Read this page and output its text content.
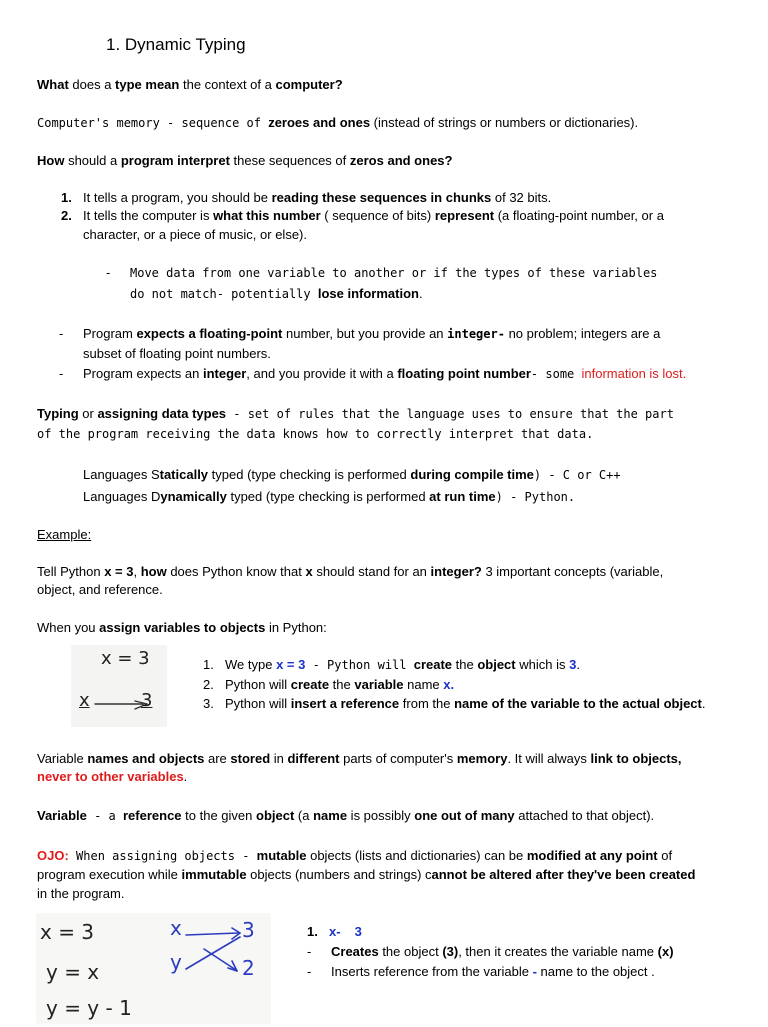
1. Dynamic Typing
What does a type mean the context of a computer?
Computer's memory - sequence of zeroes and ones (instead of strings or numbers or dictionaries).
How should a program interpret these sequences of zeros and ones?
1. It tells a program, you should be reading these sequences in chunks of 32 bits.
2. It tells the computer is what this number ( sequence of bits) represent (a floating-point number, or a
character, or a piece of music, or else).
- Move data from one variable to another or if the types of these variables
do not match- potentially lose information.
- Program expects a floating-point number, but you provide an integer- no problem; integers are a
subset of floating point numbers.
- Program expects an integer, and you provide it with a floating point number- some information is lost.
Typing or assigning data types - set of rules that the language uses to ensure that the part
of the program receiving the data knows how to correctly interpret that data.
Languages Statically typed (type checking is performed during compile time) - C or C++
Languages Dynamically typed (type checking is performed at run time) - Python.
Example:
Tell Python x = 3, how does Python know that x should stand for an integer? 3 important concepts (variable,
object, and reference.
When you assign variables to objects in Python:
x = 3
x	3
1. We type x = 3 - Python will create the object which is 3.
2. Python will create the variable name x.
3. Python will insert a reference from the name of the variable to the actual object.
Variable names and objects are stored in different parts of computer's memory. It will always link to objects,
never to other variables.
Variable - a reference to the given object (a name is possibly one out of many attached to that object).
OJO: When assigning objects - mutable objects (lists and dictionaries) can be modified at any point of
program execution while immutable objects (numbers and strings) cannot be altered after they've been created
in the program.
x = 3
y = x
y = y - 1
x	3
y	2
1. x- 3
- Creates the object (3), then it creates the variable name (x)
- Inserts reference from the variable - name to the object .
